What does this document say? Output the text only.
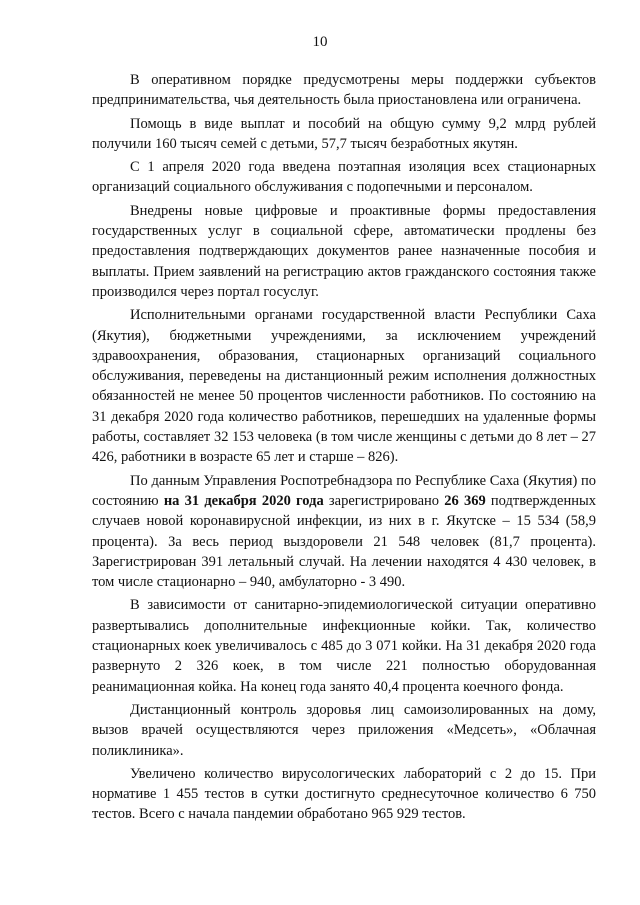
10

В оперативном порядке предусмотрены меры поддержки субъектов предпринимательства, чья деятельность была приостановлена или ограничена.

Помощь в виде выплат и пособий на общую сумму 9,2 млрд рублей получили 160 тысяч семей с детьми, 57,7 тысяч безработных якутян.

С 1 апреля 2020 года введена поэтапная изоляция всех стационарных организаций социального обслуживания с подопечными и персоналом.

Внедрены новые цифровые и проактивные формы предоставления государственных услуг в социальной сфере, автоматически продлены без предоставления подтверждающих документов ранее назначенные пособия и выплаты. Прием заявлений на регистрацию актов гражданского состояния также производился через портал госуслуг.

Исполнительными органами государственной власти Республики Саха (Якутия), бюджетными учреждениями, за исключением учреждений здравоохранения, образования, стационарных организаций социального обслуживания, переведены на дистанционный режим исполнения должностных обязанностей не менее 50 процентов численности работников. По состоянию на 31 декабря 2020 года количество работников, перешедших на удаленные формы работы, составляет 32 153 человека (в том числе женщины с детьми до 8 лет – 27 426, работники в возрасте 65 лет и старше – 826).

По данным Управления Роспотребнадзора по Республике Саха (Якутия) по состоянию на 31 декабря 2020 года зарегистрировано 26 369 подтвержденных случаев новой коронавирусной инфекции, из них в г. Якутске – 15 534 (58,9 процента). За весь период выздоровели 21 548 человек (81,7 процента). Зарегистрирован 391 летальный случай. На лечении находятся 4 430 человек, в том числе стационарно – 940, амбулаторно - 3 490.

В зависимости от санитарно-эпидемиологической ситуации оперативно развертывались дополнительные инфекционные койки. Так, количество стационарных коек увеличивалось с 485 до 3 071 койки. На 31 декабря 2020 года развернуто 2 326 коек, в том числе 221 полностью оборудованная реанимационная койка. На конец года занято 40,4 процента коечного фонда.

Дистанционный контроль здоровья лиц самоизолированных на дому, вызов врачей осуществляются через приложения «Медсеть», «Облачная поликлиника».

Увеличено количество вирусологических лабораторий с 2 до 15. При нормативе 1 455 тестов в сутки достигнуто среднесуточное количество 6 750 тестов. Всего с начала пандемии обработано 965 929 тестов.
